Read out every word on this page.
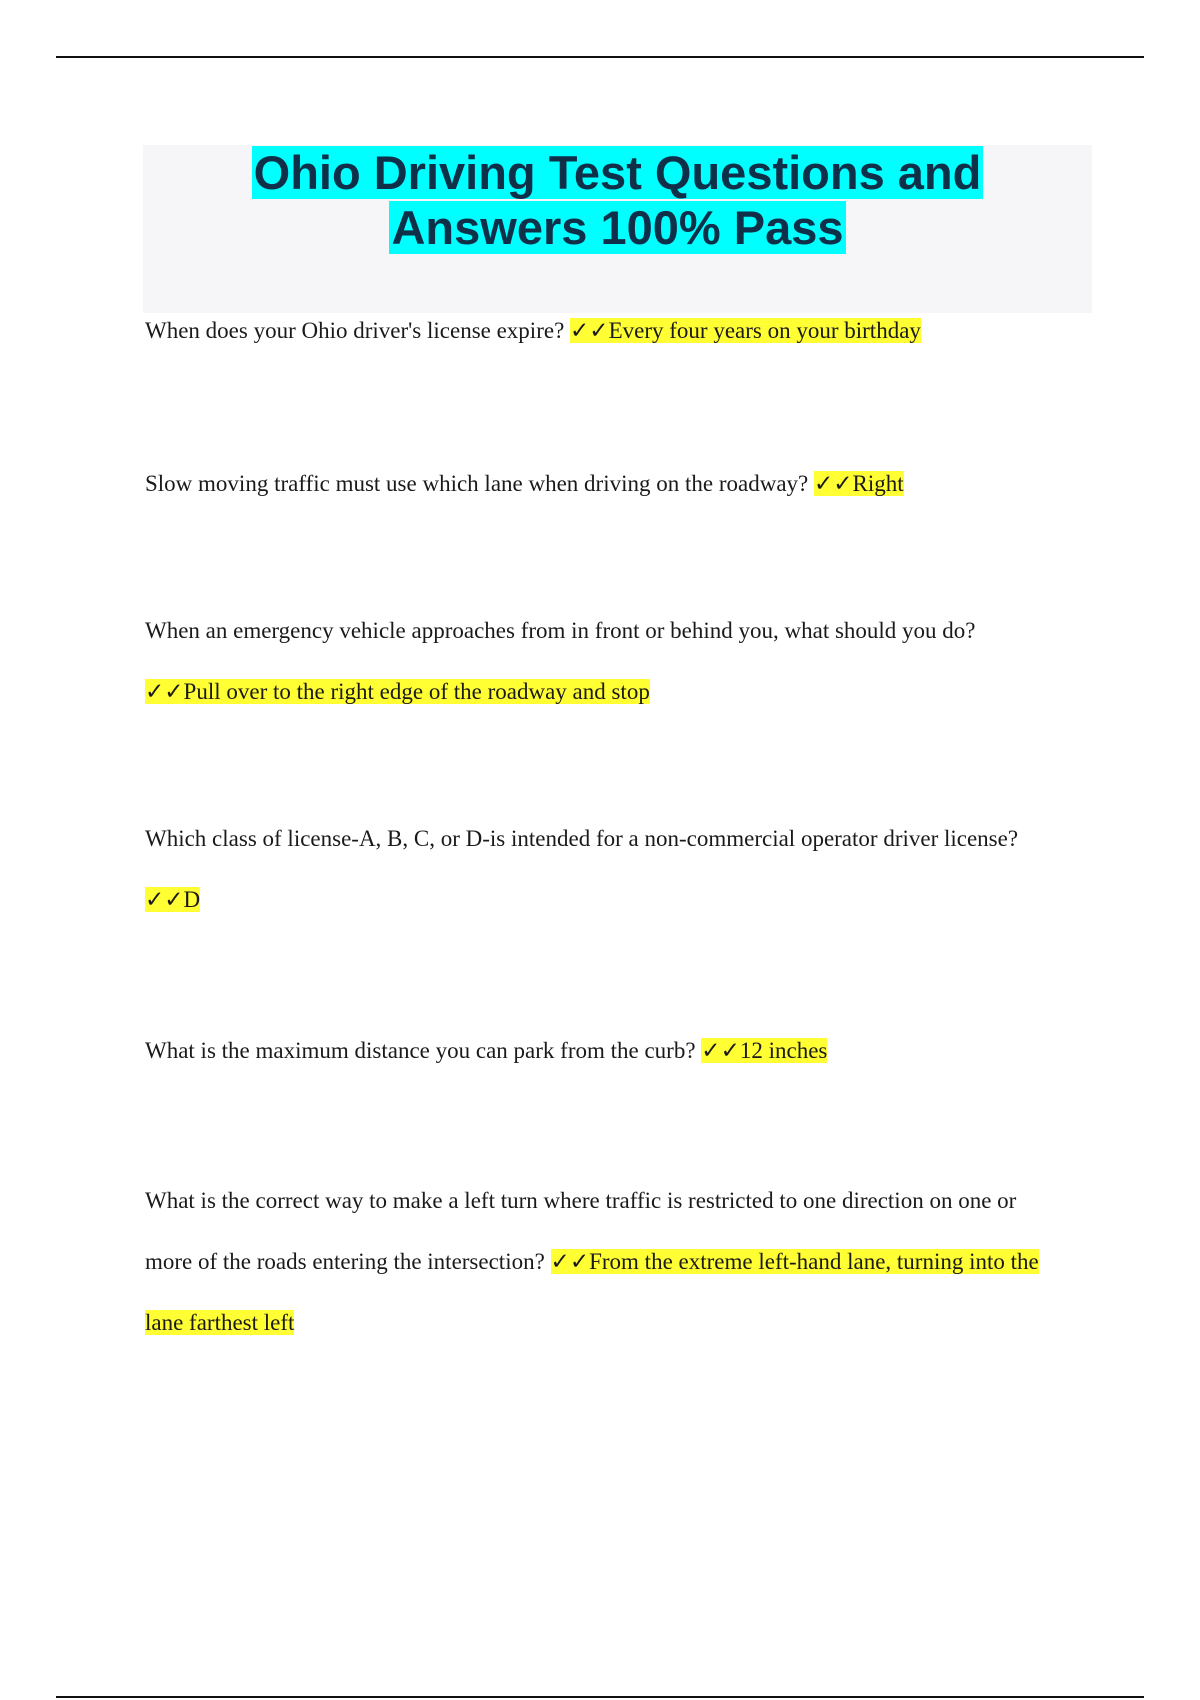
Ohio Driving Test Questions and
Answers 100% Pass
When does your Ohio driver's license expire? ✓✓Every four years on your birthday
Slow moving traffic must use which lane when driving on the roadway? ✓✓Right
When an emergency vehicle approaches from in front or behind you, what should you do?
✓✓Pull over to the right edge of the roadway and stop
Which class of license-A, B, C, or D-is intended for a non-commercial operator driver license?
✓✓D
What is the maximum distance you can park from the curb? ✓✓12 inches
What is the correct way to make a left turn where traffic is restricted to one direction on one or
more of the roads entering the intersection? ✓✓From the extreme left-hand lane, turning into the
lane farthest left
